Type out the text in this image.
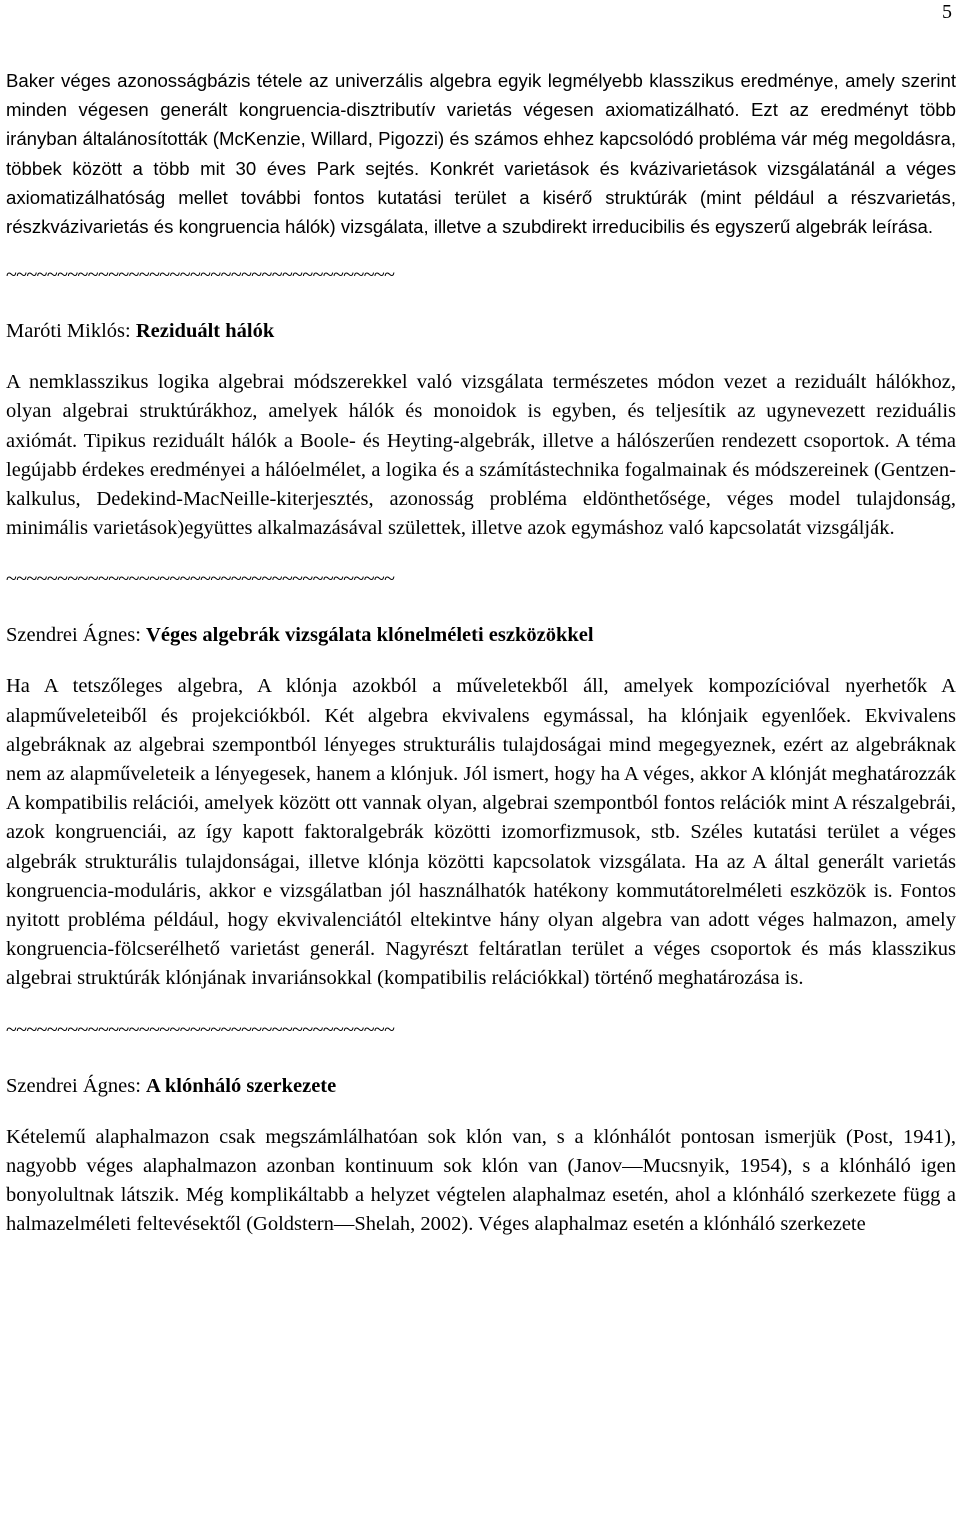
5

Baker véges azonosságbázis tétele az univerzális algebra egyik legmélyebb klasszikus eredménye, amely szerint minden végesen generált kongruencia-disztributív varietás végesen axiomatizálható. Ezt az eredményt több irányban általánosították (McKenzie, Willard, Pigozzi) és számos ehhez kapcsolódó probléma vár még megoldásra, többek között a több mit 30 éves Park sejtés. Konkrét varietások és kvázivarietások vizsgálatánál a véges axiomatizálhatóság mellet további fontos kutatási terület a kisérő struktúrák (mint például a részvarietás, részkvázivarietás és kongruencia hálók) vizsgálata, illetve a szubdirekt irreducibilis és egyszerű algebrák leírása.

~~~~~~~~~~~~~~~~~~~~~~~~~~~~~~~~~~~~~~

Maróti Miklós: Reziduált hálók

A nemklasszikus logika algebrai módszerekkel való vizsgálata természetes módon vezet a reziduált hálókhoz, olyan algebrai struktúrákhoz, amelyek hálók és monoidok is egyben, és teljesítik az ugynevezett reziduális axiómát. Tipikus reziduált hálók a Boole- és Heyting-algebrák, illetve a hálószerűen rendezett csoportok. A téma legújabb érdekes eredményei a hálóelmélet, a logika és a számítástechnika fogalmainak és módszereinek (Gentzen-kalkulus, Dedekind-MacNeille-kiterjesztés, azonosság probléma eldönthetősége, véges model tulajdonság, minimális varietások)együttes alkalmazásával születtek, illetve azok egymáshoz való kapcsolatát vizsgálják.

~~~~~~~~~~~~~~~~~~~~~~~~~~~~~~~~~~~~~~

Szendrei Ágnes: Véges algebrák vizsgálata klónelméleti eszközökkel

Ha A tetszőleges algebra, A klónja azokból a műveletekből áll, amelyek kompozícióval nyerhetők A alapműveleteiből és projekciókból. Két algebra ekvivalens egymással, ha klónjaik egyenlőek. Ekvivalens algebráknak az algebrai szempontból lényeges strukturális tulajdoságai mind megegyeznek, ezért az algebráknak nem az alapműveleteik a lényegesek, hanem a klónjuk. Jól ismert, hogy ha A véges, akkor A klónját meghatározzák A kompatibilis relációi, amelyek között ott vannak olyan, algebrai szempontból fontos relációk mint A részalgebrái, azok kongruenciái, az így kapott faktoralgebrák közötti izomorfizmusok, stb. Széles kutatási terület a véges algebrák strukturális tulajdonságai, illetve klónja közötti kapcsolatok vizsgálata. Ha az A által generált varietás kongruencia-moduláris, akkor e vizsgálatban jól használhatók hatékony kommutátorelméleti eszközök is. Fontos nyitott probléma például, hogy ekvivalenciától eltekintve hány olyan algebra van adott véges halmazon, amely kongruencia-fölcserélhető varietást generál. Nagyrészt feltáratlan terület a véges csoportok és más klasszikus algebrai struktúrák klónjának invariánsokkal (kompatibilis relációkkal) történő meghatározása is.

~~~~~~~~~~~~~~~~~~~~~~~~~~~~~~~~~~~~~~

Szendrei Ágnes: A klónháló szerkezete

Kételemű alaphalmazon csak megszámlálhatóan sok klón van, s a klónhálót pontosan ismerjük (Post, 1941), nagyobb véges alaphalmazon azonban kontinuum sok klón van (Janov—Mucsnyik, 1954), s a klónháló igen bonyolultnak látszik. Még komplikáltabb a helyzet végtelen alaphalmaz esetén, ahol a klónháló szerkezete függ a halmazelméleti feltevésektől (Goldstern—Shelah, 2002). Véges alaphalmaz esetén a klónháló szerkezete
